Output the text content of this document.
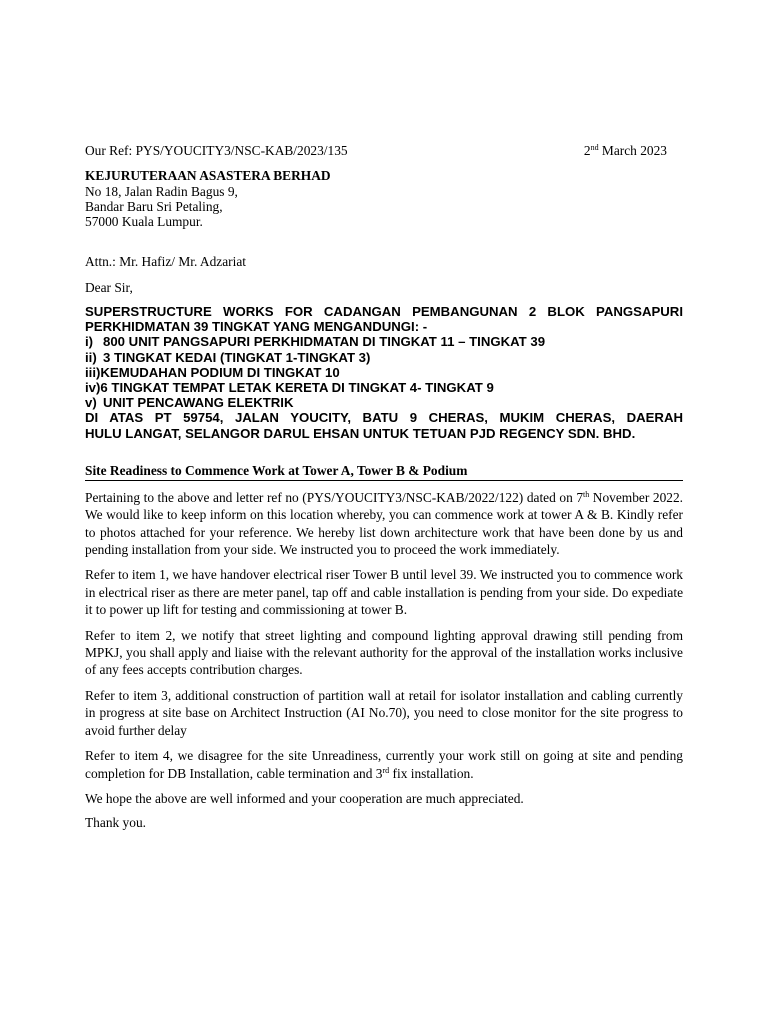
Our Ref: PYS/YOUCITY3/NSC-KAB/2023/135	2nd March 2023
KEJURUTERAAN ASASTERA BERHAD
No 18, Jalan Radin Bagus 9,
Bandar Baru Sri Petaling,
57000 Kuala Lumpur.
Attn.: Mr. Hafiz/ Mr. Adzariat
Dear Sir,
SUPERSTRUCTURE WORKS FOR CADANGAN PEMBANGUNAN 2 BLOK PANGSAPURI
PERKHIDMATAN 39 TINGKAT YANG MENGANDUNGI: -
i) 800 UNIT PANGSAPURI PERKHIDMATAN DI TINGKAT 11 – TINGKAT 39
ii) 3 TINGKAT KEDAI (TINGKAT 1-TINGKAT 3)
iii) KEMUDAHAN PODIUM DI TINGKAT 10
iv) 6 TINGKAT TEMPAT LETAK KERETA DI TINGKAT 4- TINGKAT 9
v) UNIT PENCAWANG ELEKTRIK
DI ATAS PT 59754, JALAN YOUCITY, BATU 9 CHERAS, MUKIM CHERAS, DAERAH
HULU LANGAT, SELANGOR DARUL EHSAN UNTUK TETUAN PJD REGENCY SDN. BHD.
Site Readiness to Commence Work at Tower A, Tower B & Podium

Pertaining to the above and letter ref no (PYS/YOUCITY3/NSC-KAB/2022/122) dated on 7th November 2022. We would like to keep inform on this location whereby, you can commence work at tower A & B. Kindly refer to photos attached for your reference. We hereby list down architecture work that have been done by us and pending installation from your side. We instructed you to proceed the work immediately.

Refer to item 1, we have handover electrical riser Tower B until level 39. We instructed you to commence work in electrical riser as there are meter panel, tap off and cable installation is pending from your side. Do expediate it to power up lift for testing and commissioning at tower B.

Refer to item 2, we notify that street lighting and compound lighting approval drawing still pending from MPKJ, you shall apply and liaise with the relevant authority for the approval of the installation works inclusive of any fees accepts contribution charges.

Refer to item 3, additional construction of partition wall at retail for isolator installation and cabling currently in progress at site base on Architect Instruction (AI No.70), you need to close monitor for the site progress to avoid further delay

Refer to item 4, we disagree for the site Unreadiness, currently your work still on going at site and pending completion for DB Installation, cable termination and 3rd fix installation.

We hope the above are well informed and your cooperation are much appreciated.

Thank you.
